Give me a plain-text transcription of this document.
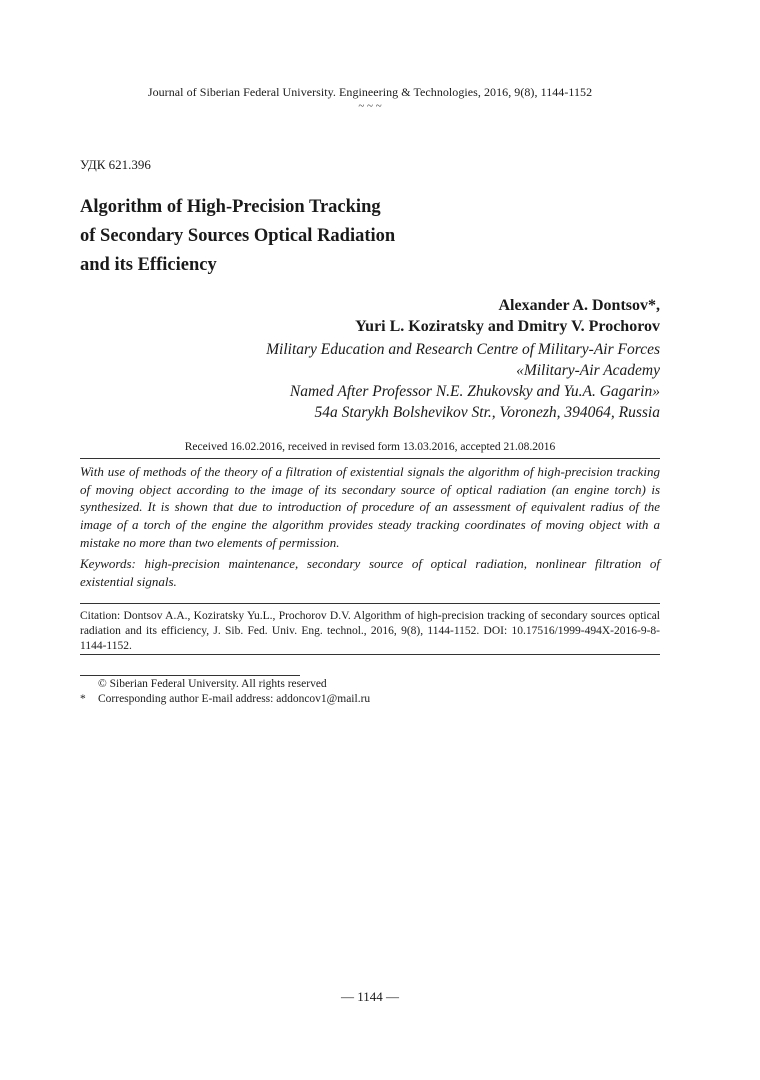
Journal of Siberian Federal University. Engineering & Technologies, 2016, 9(8), 1144-1152
~ ~ ~
УДК 621.396
Algorithm of High-Precision Tracking
of Secondary Sources Optical Radiation
and its Efficiency
Alexander A. Dontsov*,
Yuri L. Koziratsky and Dmitry V. Prochorov
Military Education and Research Centre of Military-Air Forces
«Military-Air Academy
Named After Professor N.E. Zhukovsky and Yu.A. Gagarin»
54a Starykh Bolshevikov Str., Voronezh, 394064, Russia
Received 16.02.2016, received in revised form 13.03.2016, accepted 21.08.2016
With use of methods of the theory of a filtration of existential signals the algorithm of high-precision tracking of moving object according to the image of its secondary source of optical radiation (an engine torch) is synthesized. It is shown that due to introduction of procedure of an assessment of equivalent radius of the image of a torch of the engine the algorithm provides steady tracking coordinates of moving object with a mistake no more than two elements of permission.
Keywords: high-precision maintenance, secondary source of optical radiation, nonlinear filtration of existential signals.
Citation: Dontsov A.A., Koziratsky Yu.L., Prochorov D.V. Algorithm of high-precision tracking of secondary sources optical radiation and its efficiency, J. Sib. Fed. Univ. Eng. technol., 2016, 9(8), 1144-1152. DOI: 10.17516/1999-494X-2016-9-8-1144-1152.
© Siberian Federal University. All rights reserved
* Corresponding author E-mail address: addoncov1@mail.ru
— 1144 —
